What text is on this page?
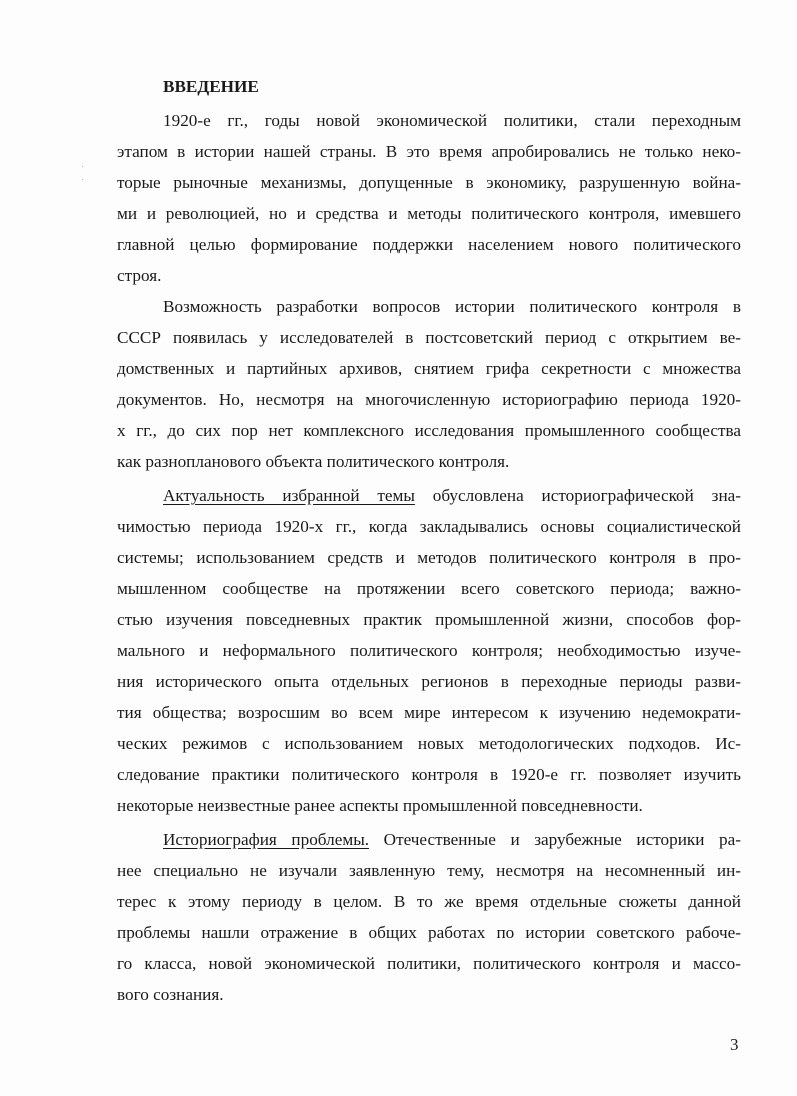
ВВЕДЕНИЕ
1920-е гг., годы новой экономической политики, стали переходным
этапом в истории нашей страны. В это время апробировались не только неко-
торые рыночные механизмы, допущенные в экономику, разрушенную война-
ми и революцией, но и средства и методы политического контроля, имевшего
главной целью формирование поддержки населением нового политического
строя.
Возможность разработки вопросов истории политического контроля в
СССР появилась у исследователей в постсоветский период с открытием ве-
домственных и партийных архивов, снятием грифа секретности с множества
документов. Но, несмотря на многочисленную историографию периода 1920-
х гг., до сих пор нет комплексного исследования промышленного сообщества
как разнопланового объекта политического контроля.
Актуальность избранной темы обусловлена историографической зна-
чимостью периода 1920-х гг., когда закладывались основы социалистической
системы; использованием средств и методов политического контроля в про-
мышленном сообществе на протяжении всего советского периода; важно-
стью изучения повседневных практик промышленной жизни, способов фор-
мального и неформального политического контроля; необходимостью изуче-
ния исторического опыта отдельных регионов в переходные периоды разви-
тия общества; возросшим во всем мире интересом к изучению недемократи-
ческих режимов с использованием новых методологических подходов. Ис-
следование практики политического контроля в 1920-е гг. позволяет изучить
некоторые неизвестные ранее аспекты промышленной повседневности.
Историография проблемы. Отечественные и зарубежные историки ра-
нее специально не изучали заявленную тему, несмотря на несомненный ин-
терес к этому периоду в целом. В то же время отдельные сюжеты данной
проблемы нашли отражение в общих работах по истории советского рабоче-
го класса, новой экономической политики, политического контроля и массо-
вого сознания.
3
